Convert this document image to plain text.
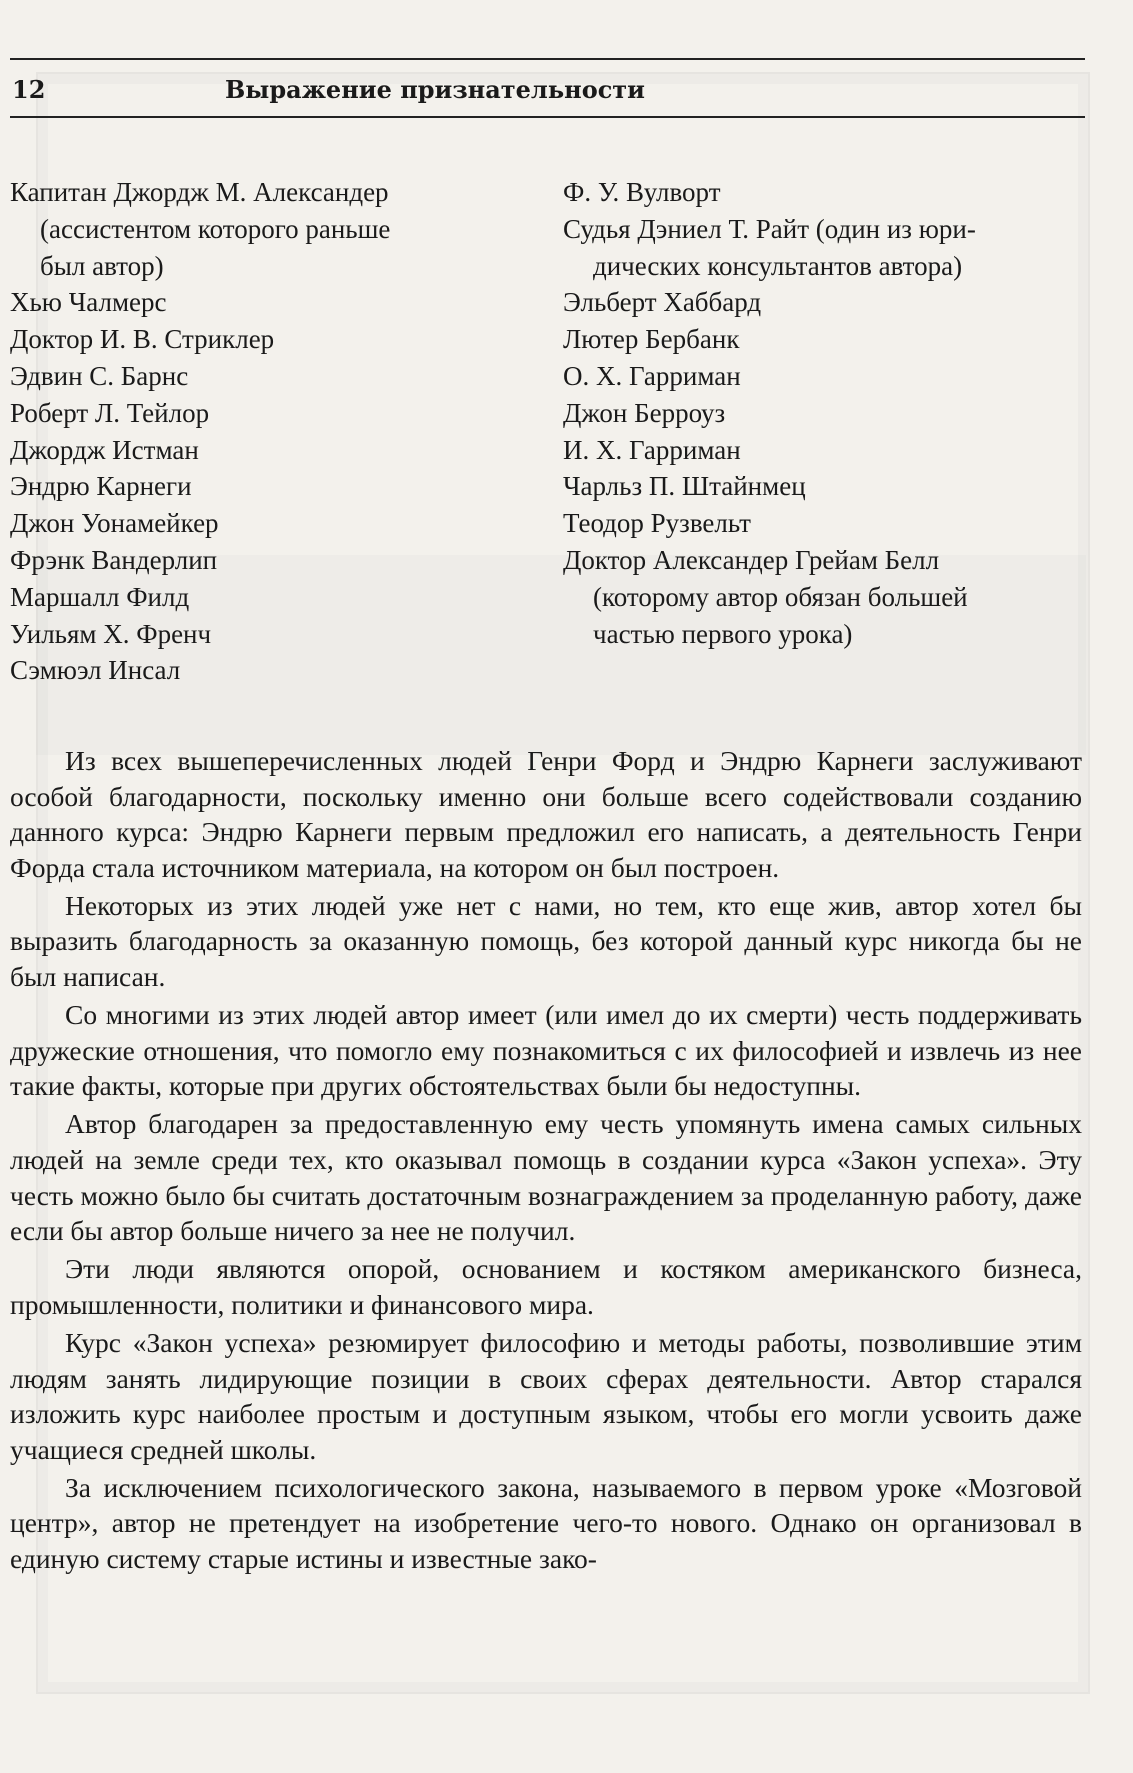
12	Выражение признательности
Капитан Джордж М. Александер
(ассистентом которого раньше
был автор)
Хью Чалмерс
Доктор И. В. Стриклер
Эдвин С. Барнс
Роберт Л. Тейлор
Джордж Истман
Эндрю Карнеги
Джон Уонамейкер
Фрэнк Вандерлип
Маршалл Филд
Уильям Х. Френч
Сэмюэл Инсал
Ф. У. Вулворт
Судья Дэниел Т. Райт (один из юри-
дических консультантов автора)
Эльберт Хаббард
Лютер Бербанк
О. Х. Гарриман
Джон Берроуз
И. Х. Гарриман
Чарльз П. Штайнмец
Теодор Рузвельт
Доктор Александер Грейам Белл
(которому автор обязан большей
частью первого урока)

Из всех вышеперечисленных людей Генри Форд и Эндрю Карнеги заслуживают особой благодарности, поскольку именно они больше всего содействовали созданию данного курса: Эндрю Карнеги первым предложил его написать, а деятельность Генри Форда стала источником материала, на котором он был построен.

Некоторых из этих людей уже нет с нами, но тем, кто еще жив, автор хотел бы выразить благодарность за оказанную помощь, без которой данный курс никогда бы не был написан.

Со многими из этих людей автор имеет (или имел до их смерти) честь поддерживать дружеские отношения, что помогло ему познакомиться с их философией и извлечь из нее такие факты, которые при других обстоятельствах были бы недоступны.

Автор благодарен за предоставленную ему честь упомянуть имена самых сильных людей на земле среди тех, кто оказывал помощь в создании курса «Закон успеха». Эту честь можно было бы считать достаточным вознаграждением за проделанную работу, даже если бы автор больше ничего за нее не получил.

Эти люди являются опорой, основанием и костяком американского бизнеса, промышленности, политики и финансового мира.

Курс «Закон успеха» резюмирует философию и методы работы, позволившие этим людям занять лидирующие позиции в своих сферах деятельности. Автор старался изложить курс наиболее простым и доступным языком, чтобы его могли усвоить даже учащиеся средней школы.

За исключением психологического закона, называемого в первом уроке «Мозговой центр», автор не претендует на изобретение чего-то нового. Однако он организовал в единую систему старые истины и известные зако-
